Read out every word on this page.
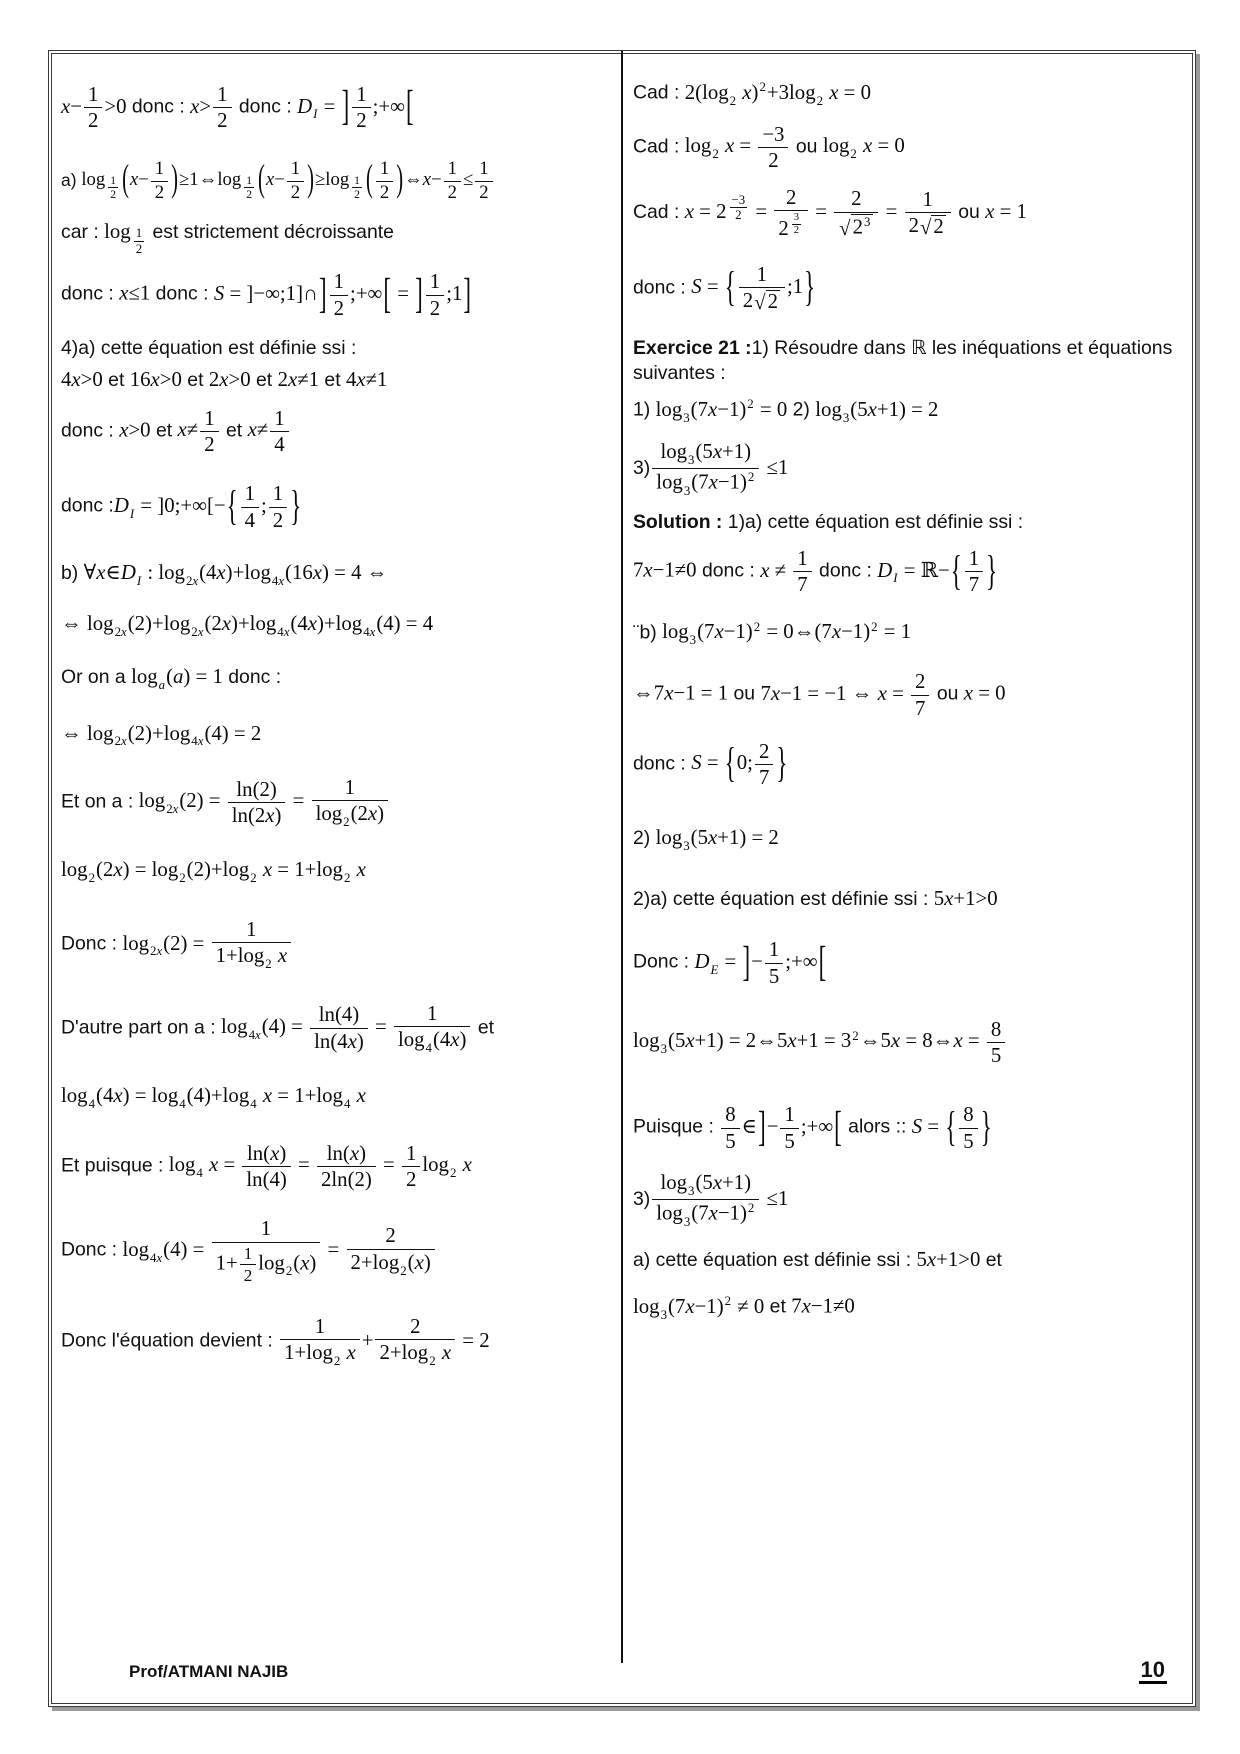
$x- \frac{1}{2} >0$ donc : $x> \frac{1}{2}$ donc : $D_I$ = ] $\frac{1}{2}$ ;+∞[
a) log $_{\frac{1}{2}}$ ($x- \frac{1}{2}$ )≥1⇔log $_{\frac{1}{2}}$ $(x- \frac{1}{2} )\ge\log$ $_{\frac{1}{2}}$ ( $\frac{1}{2}$ )⇔x− $\frac{1}{2} \le \frac{1}{2}$
car : log $_{\frac{1}{2}}$ est strictement décroissante
donc : x≤1 donc : S = ]−∞;1]∩] $\frac{1}{2}$ ;+∞[ = ] $\frac{1}{2}$ ;1]
4)a) cette équation est définie ssi :
4x>0 et 16x>0 et 2x>0 et 2x≠1 et 4x≠1
donc : x>0 et $x\ne \frac{1}{2}$ et $x\ne \frac{1}{4}$
donc $:D_I$ = ]0;+∞[−{ $\frac{1}{4}$ ; $\frac{1}{2}$ }
b) $\forall x\in D_I$ : $\log_{2x}(4x)+\log_{4x}(16x) = 4$ ⇔
⇔ $\log_{2x}(2)+\log_{2x}(2x)+\log_{4x}(4x)+\log_{4x}(4) = 4$
Or on a $\log_a(a) = 1$ donc :
⇔ $\log_{2x}(2)+\log_{4x}(4) = 2$
Et on a : $\log_{2x}(2) = \frac{\ln(2)}{\ln(2x)} = \frac{1}{\log_2(2x)}$
$\log_2(2x) = \log_2(2)+\log_2$ $x = 1+\log_2$ x
Donc : $\log_{2x}(2) = \frac{1}{1+\log_2 x}$
D'autre part on a : $\log_{4x}(4) = \frac{\ln(4)}{\ln(4x)} = \frac{1}{\log_4(4x)}$ et
$\log_4(4x) = \log_4(4)+\log_4$ $x = 1+\log_4$ x
Et puisque : $\log_4 x = \frac{\ln(x)}{\ln(4)} = \frac{\ln(x)}{2\ln(2)} = \frac{1}{2} \log_2 x$
Donc : $\log_{4x}(4) = \frac{1}{1+ \frac{1}{2} \log_2(x)} = \frac{2}{2+\log_2(x)}$
Donc l'équation devient : $\frac{1}{1+\log_2 x} + \frac{2}{2+\log_2 x} = 2$
Cad : $2(\log_2$ $x)^2+3\log_2$ x = 0
Cad : $\log_2 x = \frac{-3}{2}$ ou $\log_2 x = 0$
Cad : x = 2 $^{\frac{-3}{2}}$ = 2
2 $^{\frac{3}{2}} = \frac{2}{√ 2^3} = \frac{1}{2 √ 2}$ ou x = 1
donc : S = { $\frac{1}{2 √ 2}$ ;1}
Exercice 21 :1) Résoudre dans ℝ les inéquations et équations suivantes :
1) $\log_3(7x-1)^2 = 0$ 2) $\log_3(5x+1) = 2$
$3) \frac{\log_3(5x+1)}{\log_3(7x-1)^2} \le 1$
Solution : 1)a) cette équation est définie ssi :
7x−1≠0 donc : $x \ne \frac{1}{7}$ donc : $D_I$ = ℝ−{ $\frac{1}{7}$ }
¨b) $\log_3(7x-1)^2$ = $0\Leftrightarrow(7x-1)^2 = 1$
⇔7x−1 = 1 ou 7x−1 = −1 ⇔ $x = \frac{2}{7}$ ou x = 0
donc : S = {0; $\frac{2}{7}$ }
2) $\log_3(5x+1) = 2$
2)a) cette équation est définie ssi : 5x+1>0
Donc : $D_E$ = ]− $\frac{1}{5}$ ;+∞[
$\log_3(5x+1)$ = 2⇔5x+1 = $3^2\Leftrightarrow 5x$ = 8⇔x = $\frac{8}{5}$
Puisque : $\frac{8}{5}$ ∈]− $\frac{1}{5}$ ;+∞[ alors :: S = { $\frac{8}{5}$ }
$3) \frac{\log_3(5x+1)}{\log_3(7x-1)^2} \le 1$
a) cette équation est définie ssi : 5x+1>0 et
$\log_3(7x-1)^2 \ne 0$ et 7x−1≠0
Prof/ATMANI NAJIB	10
